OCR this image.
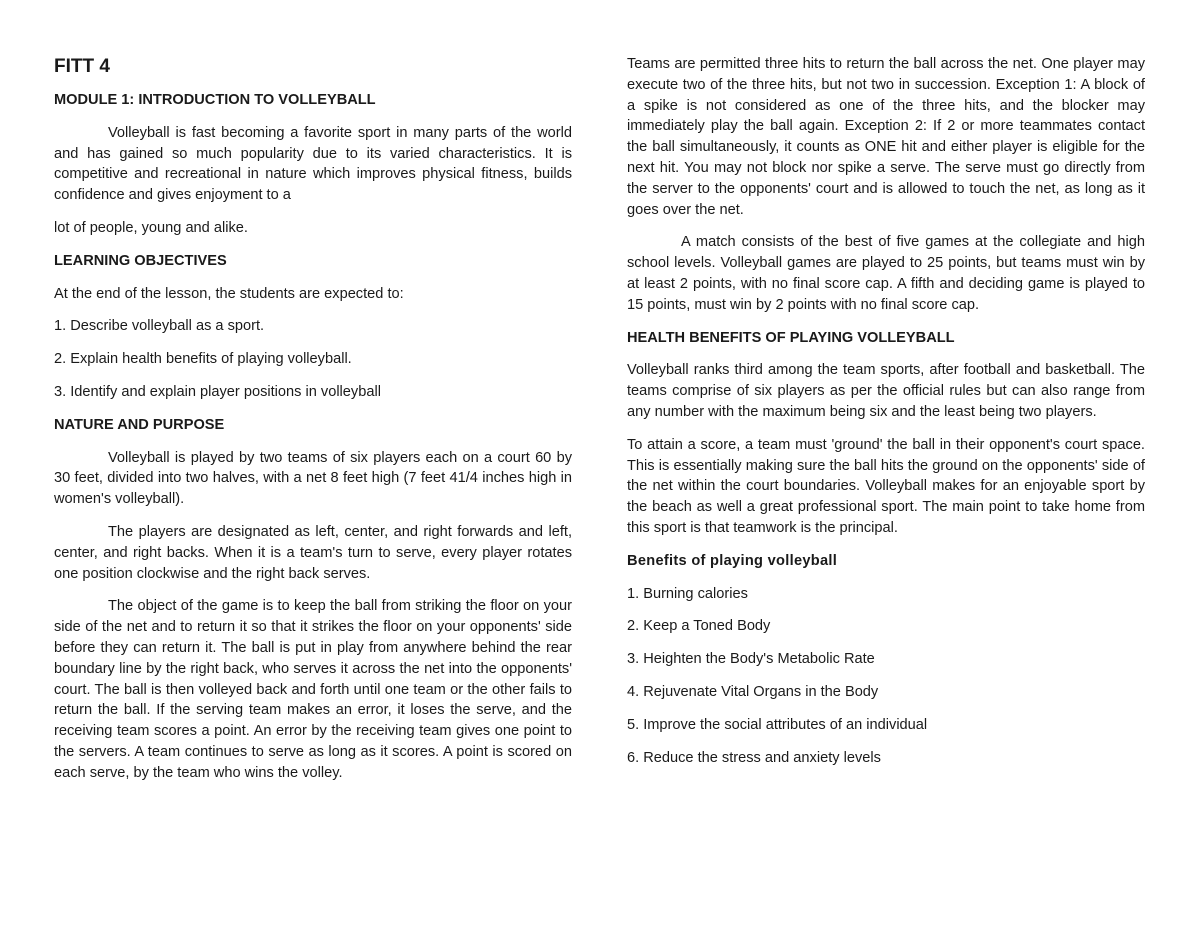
FITT 4
MODULE 1: INTRODUCTION TO VOLLEYBALL

Volleyball is fast becoming a favorite sport in many parts of the world and has gained so much popularity due to its varied characteristics. It is competitive and recreational in nature which improves physical fitness, builds confidence and gives enjoyment to a

lot of people, young and alike.

LEARNING OBJECTIVES

At the end of the lesson, the students are expected to:

1. Describe volleyball as a sport.
2. Explain health benefits of playing volleyball.
3. Identify and explain player positions in volleyball
NATURE AND PURPOSE

Volleyball is played by two teams of six players each on a court 60 by 30 feet, divided into two halves, with a net 8 feet high (7 feet 41/4 inches high in women's volleyball).

The players are designated as left, center, and right forwards and left, center, and right backs. When it is a team's turn to serve, every player rotates one position clockwise and the right back serves.

The object of the game is to keep the ball from striking the floor on your side of the net and to return it so that it strikes the floor on your opponents' side before they can return it. The ball is put in play from anywhere behind the rear boundary line by the right back, who serves it across the net into the opponents' court. The ball is then volleyed back and forth until one team or the other fails to return the ball. If the serving team makes an error, it loses the serve, and the receiving team scores a point. An error by the receiving team gives one point to the servers. A team continues to serve as long as it scores. A point is scored on each serve, by the team who wins the volley.

Teams are permitted three hits to return the ball across the net. One player may execute two of the three hits, but not two in succession. Exception 1: A block of a spike is not considered as one of the three hits, and the blocker may immediately play the ball again. Exception 2: If 2 or more teammates contact the ball simultaneously, it counts as ONE hit and either player is eligible for the next hit. You may not block nor spike a serve. The serve must go directly from the server to the opponents' court and is allowed to touch the net, as long as it goes over the net.

A match consists of the best of five games at the collegiate and high school levels. Volleyball games are played to 25 points, but teams must win by at least 2 points, with no final score cap. A fifth and deciding game is played to 15 points, must win by 2 points with no final score cap.

HEALTH BENEFITS OF PLAYING VOLLEYBALL

Volleyball ranks third among the team sports, after football and basketball. The teams comprise of six players as per the official rules but can also range from any number with the maximum being six and the least being two players.

To attain a score, a team must 'ground' the ball in their opponent's court space. This is essentially making sure the ball hits the ground on the opponents' side of the net within the court boundaries. Volleyball makes for an enjoyable sport by the beach as well a great professional sport. The main point to take home from this sport is that teamwork is the principal.

Benefits of playing volleyball
1. Burning calories
2. Keep a Toned Body
3. Heighten the Body's Metabolic Rate
4. Rejuvenate Vital Organs in the Body
5. Improve the social attributes of an individual
6. Reduce the stress and anxiety levels
